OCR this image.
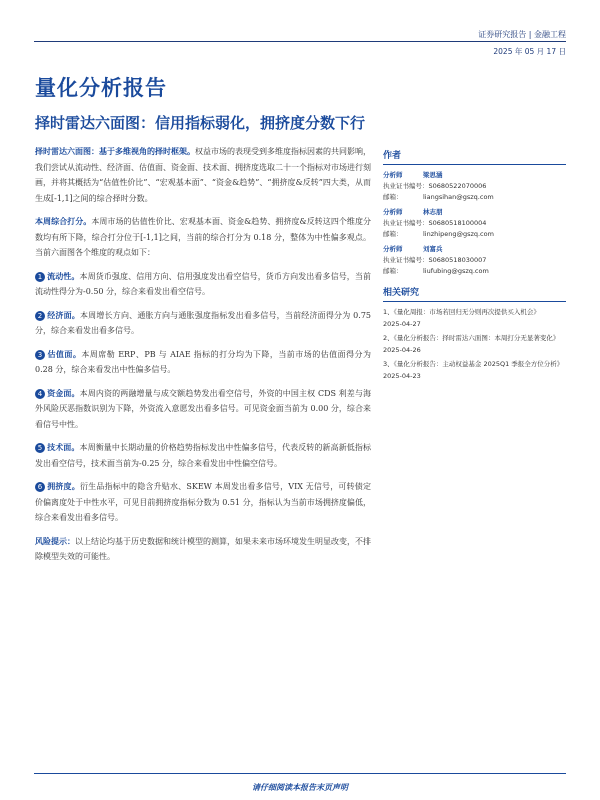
证券研究报告 | 金融工程
2025 年 05 月 17 日
量化分析报告
择时雷达六面图：信用指标弱化，拥挤度分数下行

择时雷达六面图：基于多维视角的择时框架。权益市场的表现受到多维度指标因素的共同影响，我们尝试从流动性、经济面、估值面、资金面、技术面、拥挤度选取二十一个指标对市场进行刻画，并将其概括为“估值性价比”、“宏观基本面”、“资金&趋势”、“拥挤度&反转”四大类，从而生成[-1,1]之间的综合择时分数。

本周综合打分。本周市场的估值性价比、宏观基本面、资金&趋势、拥挤度&反转这四个维度分数均有所下降，综合打分位于[-1,1]之间，当前的综合打分为 0.18 分，整体为中性偏多观点。当前六面图各个维度的观点如下：

1 流动性。本周货币强度、信用方向、信用强度发出看空信号，货币方向发出看多信号，当前流动性得分为-0.50 分，综合来看发出看空信号。

2 经济面。本周增长方向、通胀方向与通胀强度指标发出看多信号，当前经济面得分为 0.75 分，综合来看发出看多信号。

3 估值面。本周席勒 ERP、PB 与 AIAE 指标的打分均为下降，当前市场的估值面得分为 0.28 分，综合来看发出中性偏多信号。

4 资金面。本周内资的两融增量与成交额趋势发出看空信号，外资的中国主权 CDS 利差与海外风险厌恶指数识别为下降，外资流入意愿发出看多信号。可见资金面当前为 0.00 分，综合来看信号中性。

5 技术面。本周衡量中长期动量的价格趋势指标发出中性偏多信号，代表反转的新高新低指标发出看空信号，技术面当前为-0.25 分，综合来看发出中性偏空信号。

6 拥挤度。衍生品指标中的隐含升贴水、SKEW 本周发出看多信号，VIX 无信号，可转债定价偏离度处于中性水平，可见目前拥挤度指标分数为 0.51 分，指标认为当前市场拥挤度偏低，综合来看发出看多信号。

风险提示：以上结论均基于历史数据和统计模型的测算，如果未来市场环境发生明显改变，不排除模型失效的可能性。

作者
分析师	梁思涵
执业证书编号：S0680522070006
邮箱：	liangsihan@gszq.com
分析师	林志朋
执业证书编号：S0680518100004
邮箱：	linzhipeng@gszq.com
分析师	刘富兵
执业证书编号：S0680518030007
邮箱：	liufubing@gszq.com
相关研究
1、《量化周报：市场若回归无分则再次提供买入机会》
2025-04-27
2、《量化分析报告：择时雷达六面图：本周打分无显著变化》
2025-04-26
3、《量化分析报告：主动权益基金 2025Q1 季报全方位分析》
2025-04-23
请仔细阅读本报告末页声明
